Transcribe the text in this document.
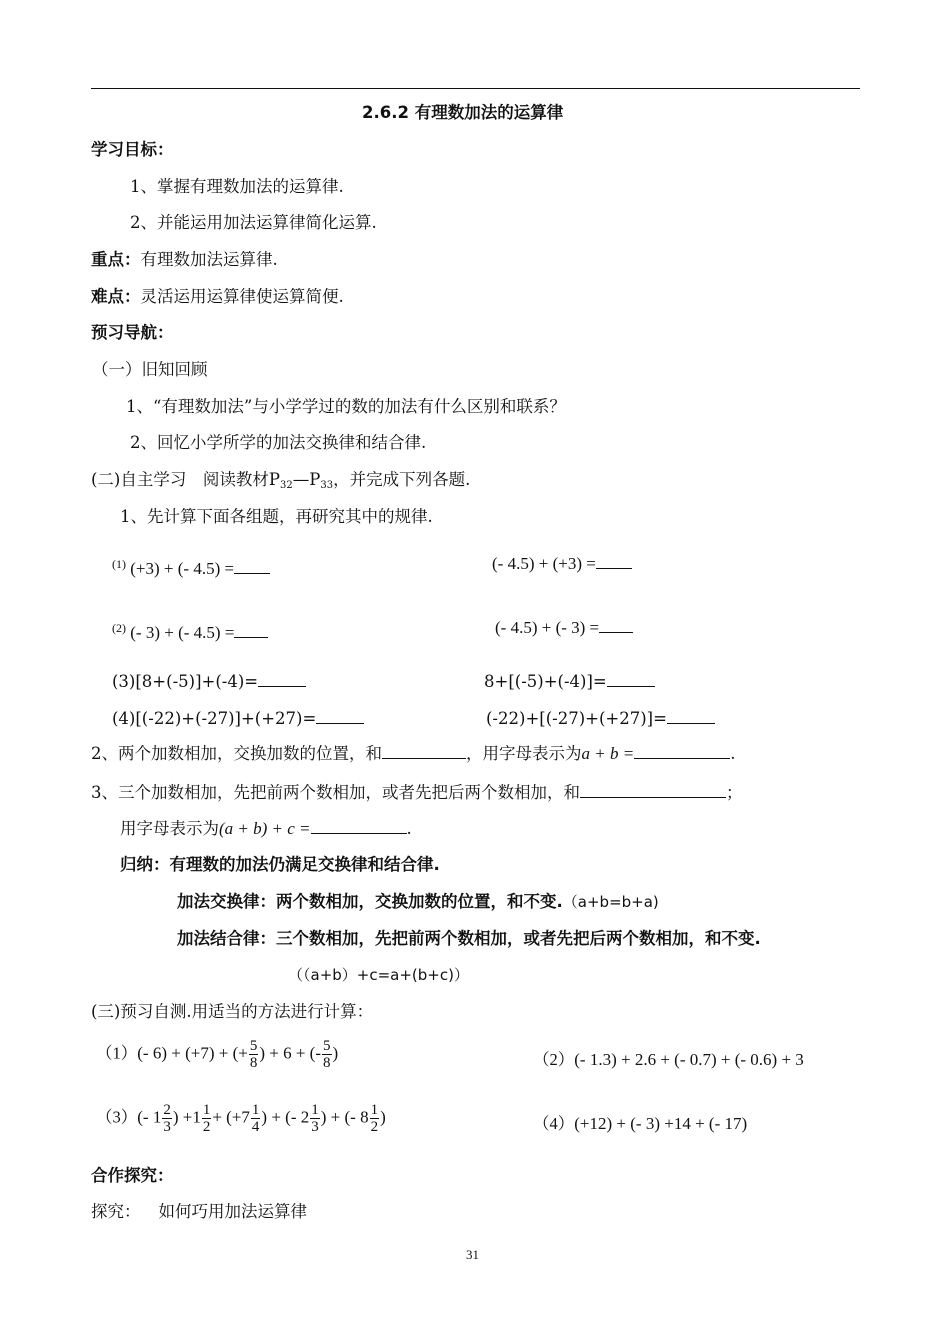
2.6.2 有理数加法的运算律
学习目标：
1、掌握有理数加法的运算律.
2、并能运用加法运算律简化运算.
重点：有理数加法运算律.
难点：灵活运用运算律使运算简便.
预习导航：
（一）旧知回顾
1、“有理数加法”与小学学过的数的加法有什么区别和联系？
2、回忆小学所学的加法交换律和结合律.
(二)自主学习　阅读教材$P_{32}—P_{33}$，并完成下列各题.
1、先计算下面各组题，再研究其中的规律.
$^{(1)}$ (+3) + (- 4.5) =	(- 4.5) + (+3) =
$^{(2)}$ (- 3) + (- 4.5) =	(- 4.5) + (- 3) =
(3)[8+(-5)]+(-4)=	8+[(-5)+(-4)]=
(4)[(-22)+(-27)]+(+27)=	(-22)+[(-27)+(+27)]=
2、两个加数相加，交换加数的位置，和	，用字母表示为a + b =	.
3、三个加数相加，先把前两个数相加，或者先把后两个数相加，和	；
用字母表示为(a + b) + c =	.
归纳：有理数的加法仍满足交换律和结合律.
加法交换律：两个数相加，交换加数的位置，和不变.（a+b=b+a)
加法结合律：三个数相加，先把前两个数相加，或者先把后两个数相加，和不变.
（（a+b）+c=a+(b+c)）
(三)预习自测.用适当的方法进行计算：
（1）(- 6) + (+7) + (+ $\frac{5}{8}$ ) + 6 + (- $\frac{5}{8}$ )	（2）(- 1.3) + 2.6 + (- 0.7) + (- 0.6) + 3
（3）(- $1 \frac{2}{3}$ ) $+1 \frac{1}{2} + (+7 \frac{1}{4}$ ) + (- $2 \frac{1}{3}$ ) + (- $8 \frac{1}{2}$ )	（4）(+12) + (- 3) +14 + (- 17)
合作探究：
探究： 如何巧用加法运算律
31
